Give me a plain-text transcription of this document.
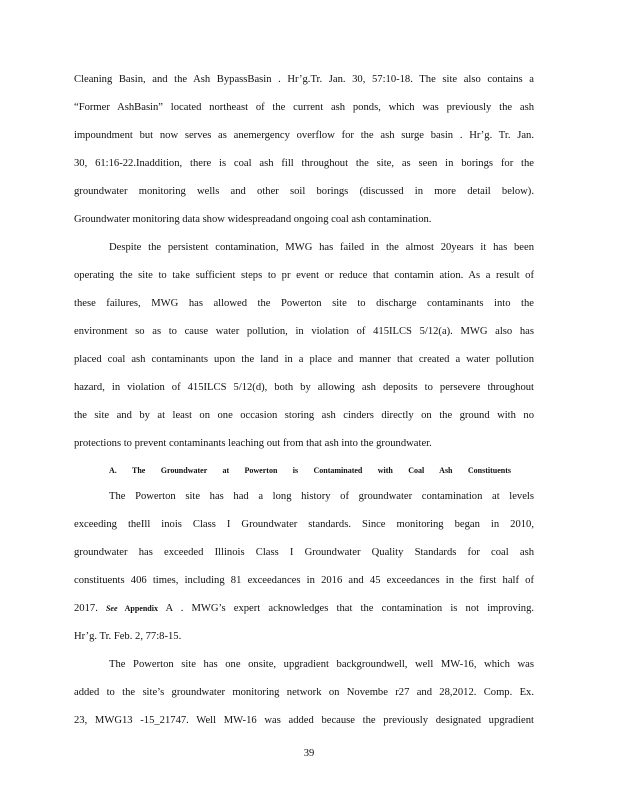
Cleaning Basin, and the Ash BypassBasin . Hr’g.Tr. Jan. 30, 57:10-18. The site also contains a
“Former AshBasin” located northeast of the current ash ponds, which was previously the ash
impoundment but now serves as anemergency overflow for the ash surge basin . Hr’g. Tr. Jan.
30, 61:16-22.Inaddition, there is coal ash fill throughout the site, as seen in borings for the
groundwater monitoring wells and other soil borings (discussed in more detail below).
Groundwater monitoring data show widespreadand ongoing coal ash contamination.
Despite the persistent contamination, MWG has failed in the almost 20years it has been
operating the site to take sufficient steps to pr event or reduce that contamin ation. As a result of
these failures, MWG has allowed the Powerton site to discharge contaminants into the
environment so as to cause water pollution, in violation of 415ILCS 5/12(a). MWG also has
placed coal ash contaminants upon the land in a place and manner that created a water pollution
hazard, in violation of 415ILCS 5/12(d), both by allowing ash deposits to persevere throughout
the site and by at least on one occasion storing ash cinders directly on the ground with no
protections to prevent contaminants leaching out from that ash into the groundwater.
A. The Groundwater at Powerton is Contaminated with Coal Ash Constituents
The Powerton site has had a long history of groundwater contamination at levels
exceeding theIll inois Class I Groundwater standards. Since monitoring began in 2010,
groundwater has exceeded Illinois Class I Groundwater Quality Standards for coal ash
constituents 406 times, including 81 exceedances in 2016 and 45 exceedances in the first half of
2017. See Appendix A . MWG’s expert acknowledges that the contamination is not improving.
Hr’g. Tr. Feb. 2, 77:8-15.
The Powerton site has one onsite, upgradient backgroundwell, well MW-16, which was
added to the site’s groundwater monitoring network on Novembe r27 and 28,2012. Comp. Ex.
23, MWG13 -15_21747. Well MW-16 was added because the previously designated upgradient
39
